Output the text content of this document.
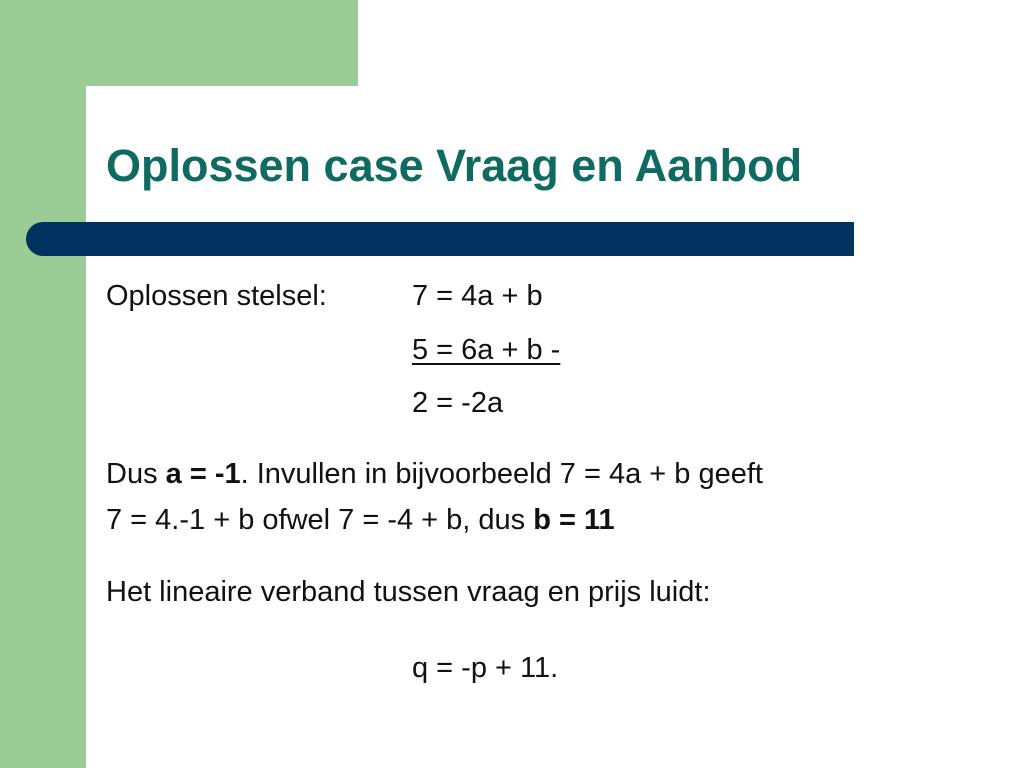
Oplossen case Vraag en Aanbod
Oplossen stelsel:	7 = 4a + b
5 = 6a + b -
2 = -2a
Dus a = -1. Invullen in bijvoorbeeld 7 = 4a + b geeft
7 = 4.-1 + b ofwel 7 = -4 + b, dus b = 11
Het lineaire verband tussen vraag en prijs luidt:
q = -p + 11.
